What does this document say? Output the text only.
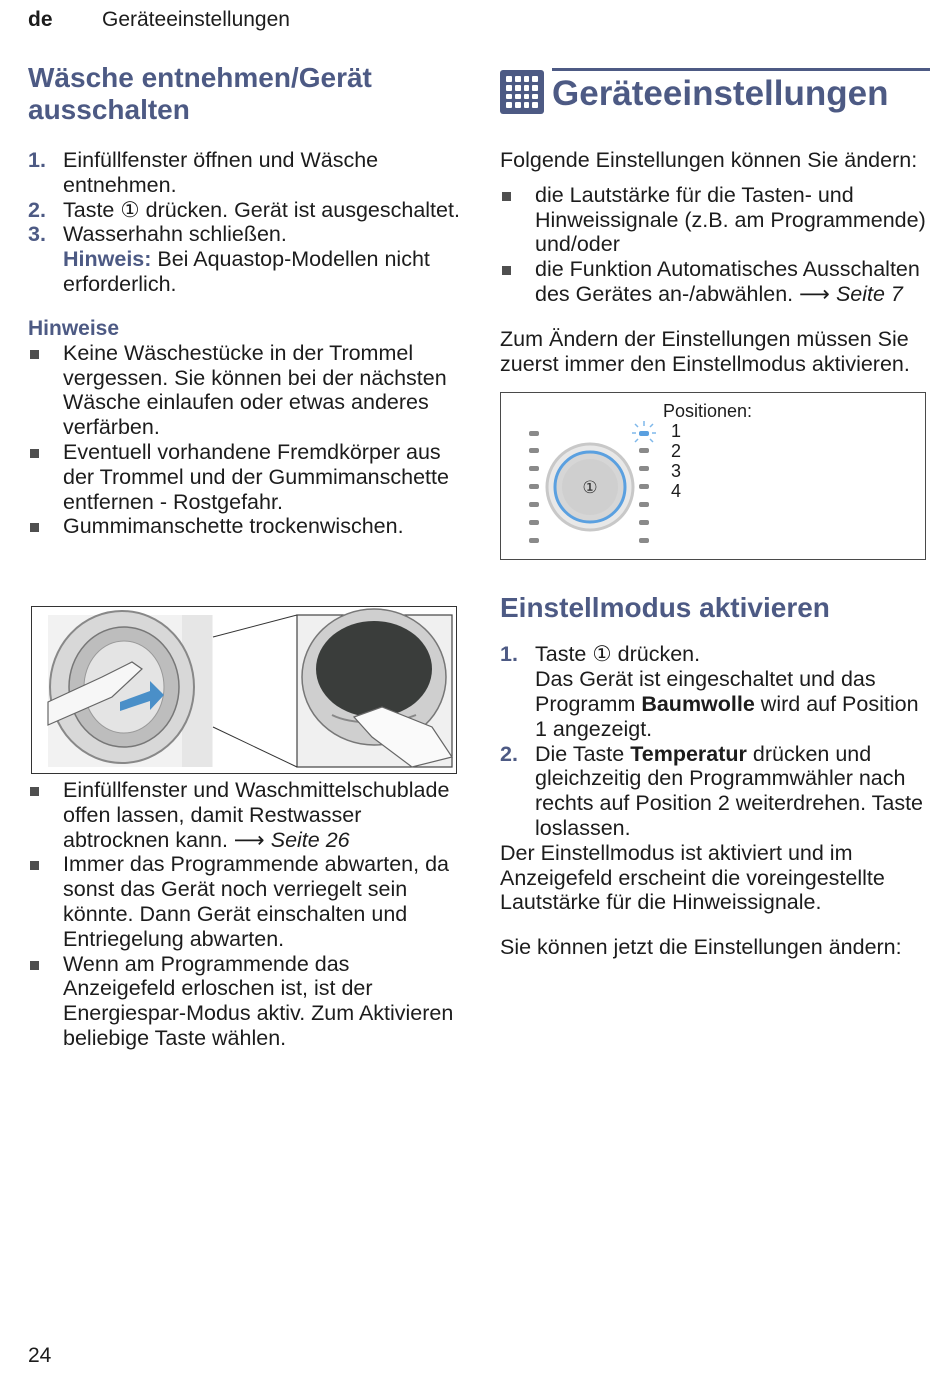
de Geräteeinstellungen
Wäsche entnehmen/Gerät ausschalten
1. Einfüllfenster öffnen und Wäsche entnehmen.
2. Taste ① drücken. Gerät ist ausgeschaltet.
3. Wasserhahn schließen.
Hinweis: Bei Aquastop-Modellen nicht erforderlich.
Hinweise
Keine Wäschestücke in der Trommel vergessen. Sie können bei der nächsten Wäsche einlaufen oder etwas anderes verfärben.
Eventuell vorhandene Fremdkörper aus der Trommel und der Gummimanschette entfernen - Rostgefahr.
Gummimanschette trockenwischen.
Einfüllfenster und Waschmittelschublade offen lassen, damit Restwasser abtrocknen kann. ⟶ Seite 26
Immer das Programmende abwarten, da sonst das Gerät noch verriegelt sein könnte. Dann Gerät einschalten und Entriegelung abwarten.
Wenn am Programmende das Anzeigefeld erloschen ist, ist der Energiespar-Modus aktiv. Zum Aktivieren beliebige Taste wählen.
Geräteeinstellungen

Folgende Einstellungen können Sie ändern:

die Lautstärke für die Tasten- und Hinweissignale (z.B. am Programmende) und/oder
die Funktion Automatisches Ausschalten des Gerätes an-/abwählen. ⟶ Seite 7

Zum Ändern der Einstellungen müssen Sie zuerst immer den Einstellmodus aktivieren.

①
Positionen:
1
2
3
4
Einstellmodus aktivieren
1. Taste ① drücken.
Das Gerät ist eingeschaltet und das Programm Baumwolle wird auf Position 1 angezeigt.
2. Die Taste Temperatur drücken und gleichzeitig den Programmwähler nach rechts auf Position 2 weiterdrehen. Taste loslassen.

Der Einstellmodus ist aktiviert und im Anzeigefeld erscheint die voreingestellte Lautstärke für die Hinweissignale.

Sie können jetzt die Einstellungen ändern:

24
